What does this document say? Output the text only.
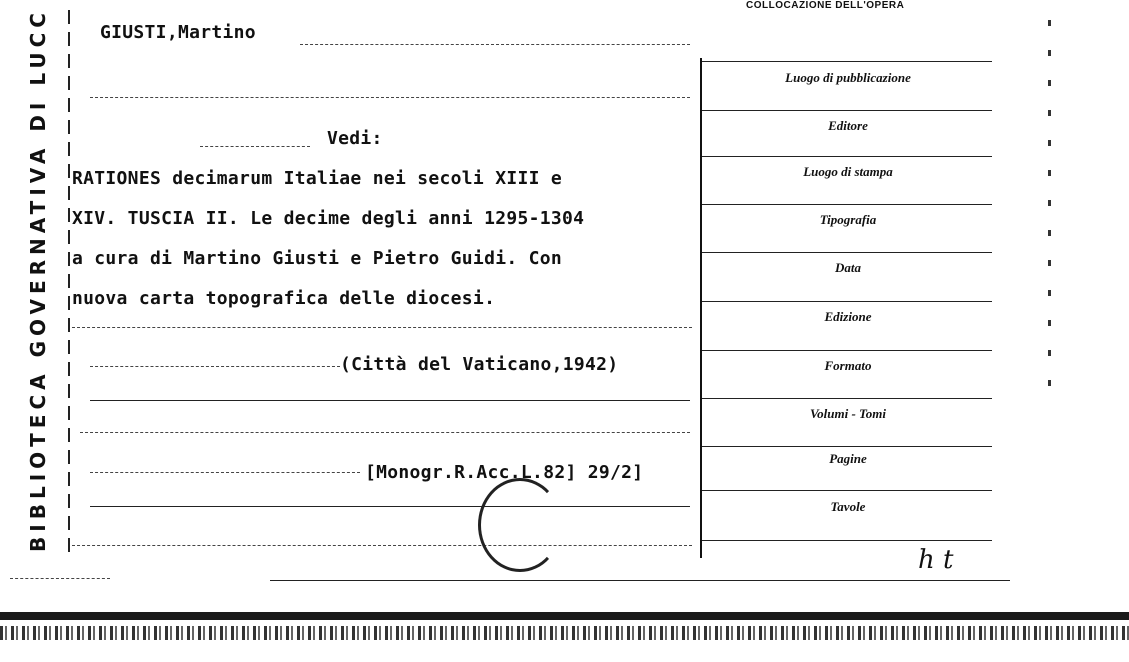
BIBLIOTECA GOVERNATIVA DI LUCC
COLLOCAZIONE DELL'OPERA
GIUSTI,Martino
Vedi:
RATIONES decimarum Italiae nei secoli XIII e
XIV. TUSCIA II. Le decime degli anni 1295-1304
a cura di Martino Giusti e Pietro Guidi. Con
nuova carta topografica delle diocesi.
(Città del Vaticano,1942)
[Monogr.R.Acc.L.82] 29/2]
Luogo di pubblicazione
Editore
Luogo di stampa
Tipografia
Data
Edizione
Formato
Volumi - Tomi
Pagine
Tavole
ℎ t
